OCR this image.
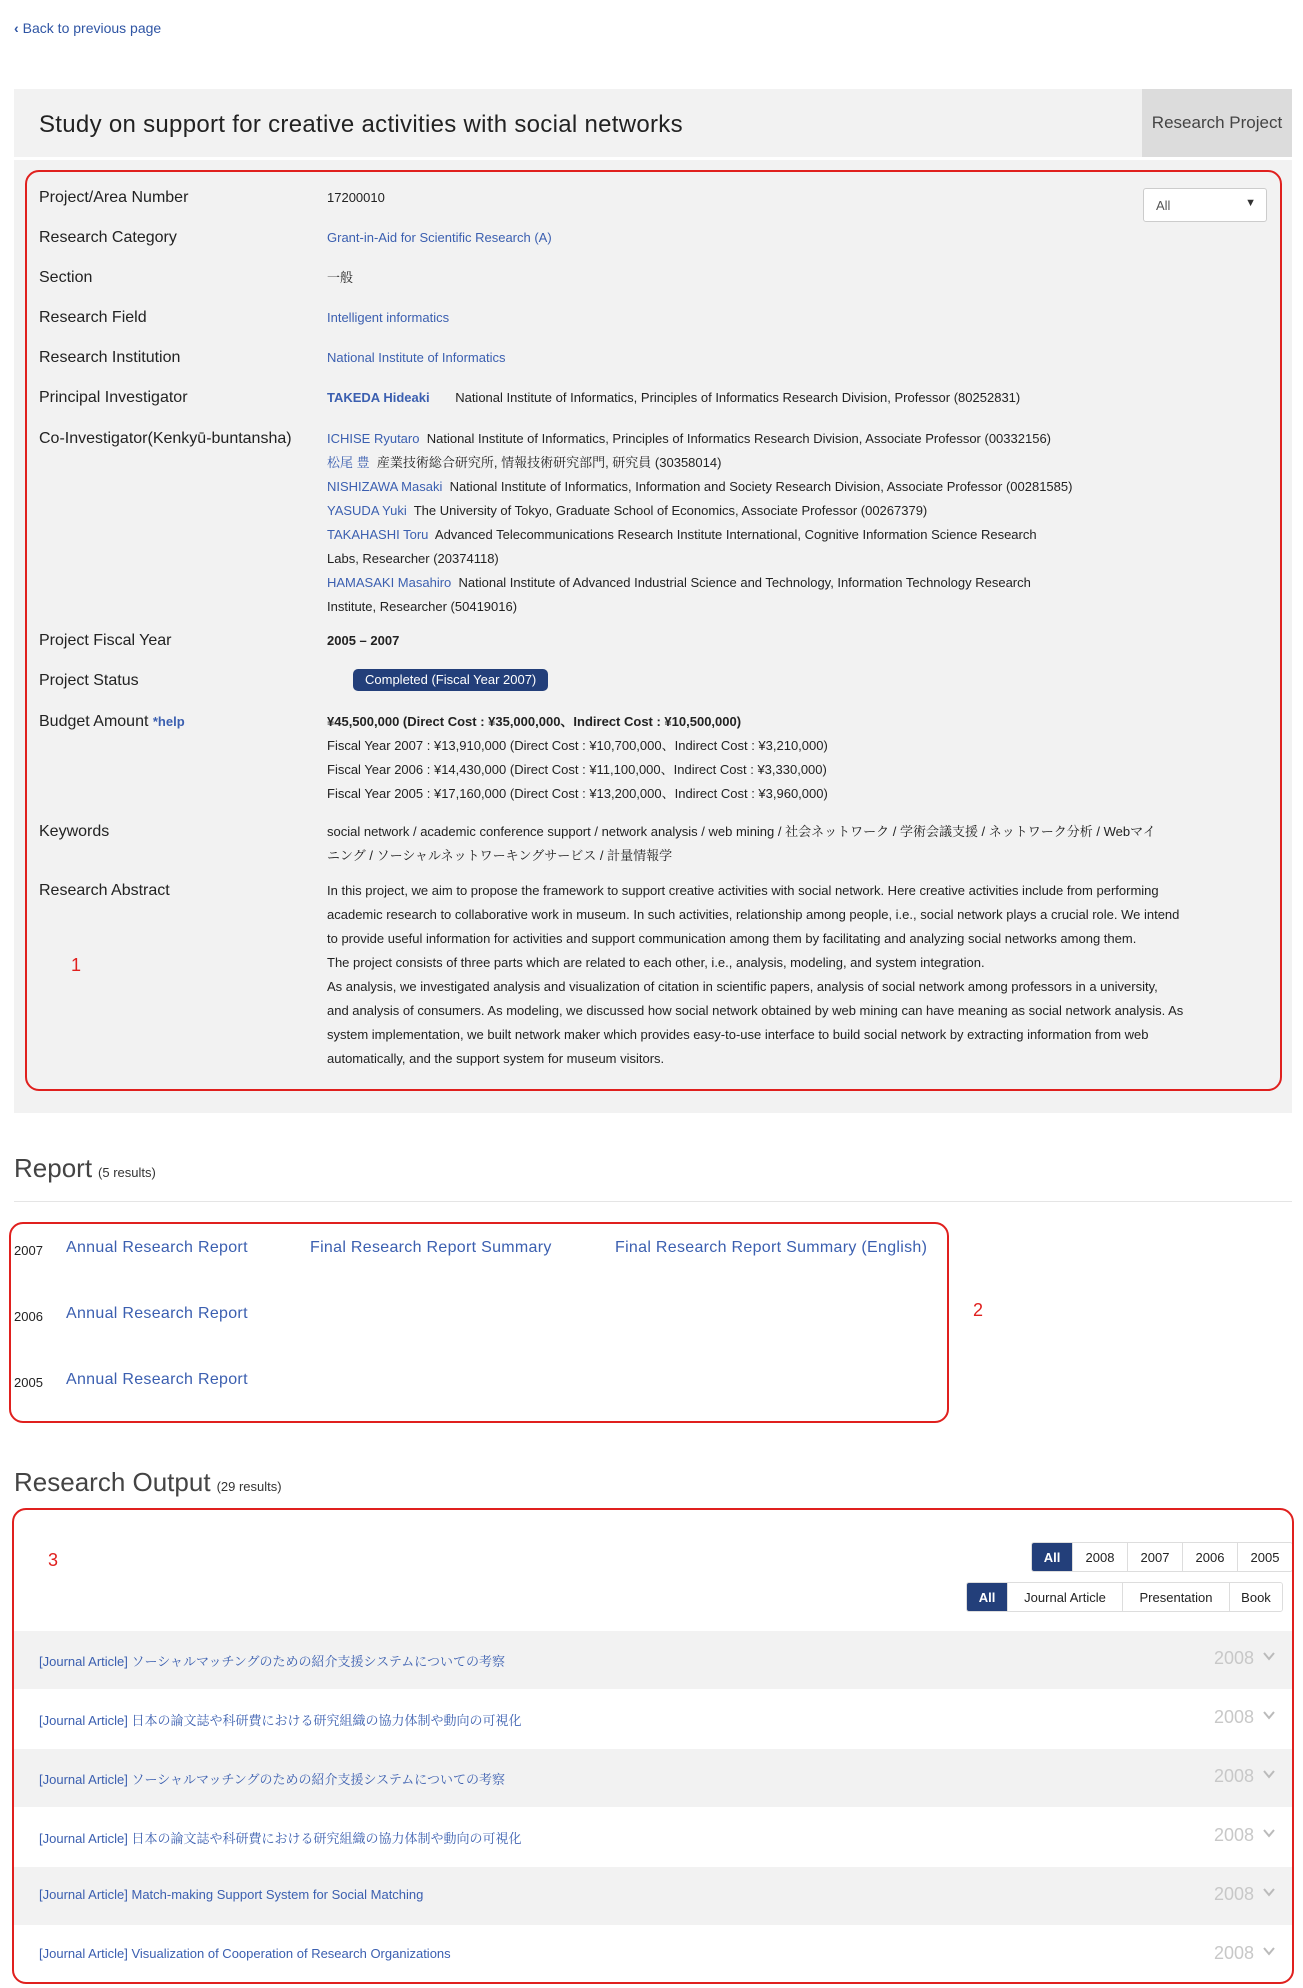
‹ Back to previous page
Study on support for creative activities with social networks	Research Project
All	▼
Project/Area Number	17200010
Research Category	Grant-in-Aid for Scientific Research (A)
Section	一般
Research Field	Intelligent informatics
Research Institution	National Institute of Informatics
Principal Investigator	TAKEDA Hideaki National Institute of Informatics, Principles of Informatics Research Division, Professor (80252831)
Co-Investigator(Kenkyū-buntansha)	ICHISE Ryutaro National Institute of Informatics, Principles of Informatics Research Division, Associate Professor (00332156)
松尾 豊 産業技術総合研究所, 情報技術研究部門, 研究員 (30358014)
NISHIZAWA Masaki National Institute of Informatics, Information and Society Research Division, Associate Professor (00281585)
YASUDA Yuki The University of Tokyo, Graduate School of Economics, Associate Professor (00267379)
TAKAHASHI Toru Advanced Telecommunications Research Institute International, Cognitive Information Science Research
Labs, Researcher (20374118)
HAMASAKI Masahiro National Institute of Advanced Industrial Science and Technology, Information Technology Research
Institute, Researcher (50419016)
Project Fiscal Year	2005 – 2007
Project Status	Completed (Fiscal Year 2007)
Budget Amount *help	¥45,500,000 (Direct Cost : ¥35,000,000、Indirect Cost : ¥10,500,000)
Fiscal Year 2007 : ¥13,910,000 (Direct Cost : ¥10,700,000、Indirect Cost : ¥3,210,000)
Fiscal Year 2006 : ¥14,430,000 (Direct Cost : ¥11,100,000、Indirect Cost : ¥3,330,000)
Fiscal Year 2005 : ¥17,160,000 (Direct Cost : ¥13,200,000、Indirect Cost : ¥3,960,000)
Keywords	social network / academic conference support / network analysis / web mining / 社会ネットワーク / 学術会議支援 / ネットワーク分析 / Webマイ
ニング / ソーシャルネットワーキングサービス / 計量情報学
Research Abstract	In this project, we aim to propose the framework to support creative activities with social network. Here creative activities include from performing
academic research to collaborative work in museum. In such activities, relationship among people, i.e., social network plays a crucial role. We intend
to provide useful information for activities and support communication among them by facilitating and analyzing social networks among them.
The project consists of three parts which are related to each other, i.e., analysis, modeling, and system integration.
As analysis, we investigated analysis and visualization of citation in scientific papers, analysis of social network among professors in a university,
and analysis of consumers. As modeling, we discussed how social network obtained by web mining can have meaning as social network analysis. As
system implementation, we built network maker which provides easy-to-use interface to build social network by extracting information from web
automatically, and the support system for museum visitors.
1
Report (5 results)
2007 Annual Research Report	Final Research Report Summary	Final Research Report Summary (English)
2006 Annual Research Report
2005 Annual Research Report
2
Research Output (29 results)
All	2008	2007	2006	2005
All	Journal Article	Presentation	Book
[Journal Article] ソーシャルマッチングのための紹介支援システムについての考察	2008
[Journal Article] 日本の論文誌や科研費における研究組織の協力体制や動向の可視化	2008
[Journal Article] ソーシャルマッチングのための紹介支援システムについての考察	2008
[Journal Article] 日本の論文誌や科研費における研究組織の協力体制や動向の可視化	2008
[Journal Article] Match-making Support System for Social Matching	2008
[Journal Article] Visualization of Cooperation of Research Organizations	2008
3
